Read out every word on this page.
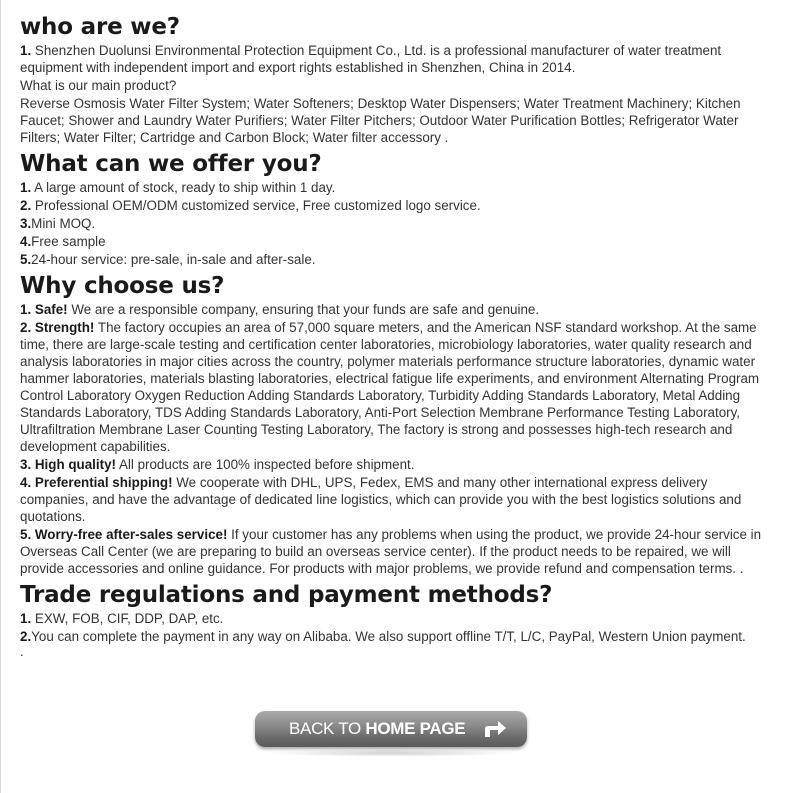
who are we?

1. Shenzhen Duolunsi Environmental Protection Equipment Co., Ltd. is a professional manufacturer of water treatment equipment with independent import and export rights established in Shenzhen, China in 2014.

What is our main product?

Reverse Osmosis Water Filter System; Water Softeners; Desktop Water Dispensers; Water Treatment Machinery; Kitchen Faucet; Shower and Laundry Water Purifiers; Water Filter Pitchers; Outdoor Water Purification Bottles; Refrigerator Water Filters; Water Filter; Cartridge and Carbon Block; Water filter accessory .

What can we offer you?

1. A large amount of stock, ready to ship within 1 day.

2. Professional OEM/ODM customized service, Free customized logo service.

3.Mini MOQ.

4.Free sample

5.24-hour service: pre-sale, in-sale and after-sale.

Why choose us?

1. Safe! We are a responsible company, ensuring that your funds are safe and genuine.

2. Strength! The factory occupies an area of 57,000 square meters, and the American NSF standard workshop. At the same time, there are large-scale testing and certification center laboratories, microbiology laboratories, water quality research and analysis laboratories in major cities across the country, polymer materials performance structure laboratories, dynamic water hammer laboratories, materials blasting laboratories, electrical fatigue life experiments, and environment Alternating Program Control Laboratory Oxygen Reduction Adding Standards Laboratory, Turbidity Adding Standards Laboratory, Metal Adding Standards Laboratory, TDS Adding Standards Laboratory, Anti-Port Selection Membrane Performance Testing Laboratory, Ultrafiltration Membrane Laser Counting Testing Laboratory, The factory is strong and possesses high-tech research and development capabilities.

3. High quality! All products are 100% inspected before shipment.

4. Preferential shipping! We cooperate with DHL, UPS, Fedex, EMS and many other international express delivery companies, and have the advantage of dedicated line logistics, which can provide you with the best logistics solutions and quotations.

5. Worry-free after-sales service! If your customer has any problems when using the product, we provide 24-hour service in Overseas Call Center (we are preparing to build an overseas service center). If the product needs to be repaired, we will provide accessories and online guidance. For products with major problems, we provide refund and compensation terms. .

Trade regulations and payment methods?

1. EXW, FOB, CIF, DDP, DAP, etc.

2.You can complete the payment in any way on Alibaba. We also support offline T/T, L/C, PayPal, Western Union payment.

.

BACK TO HOME PAGE
